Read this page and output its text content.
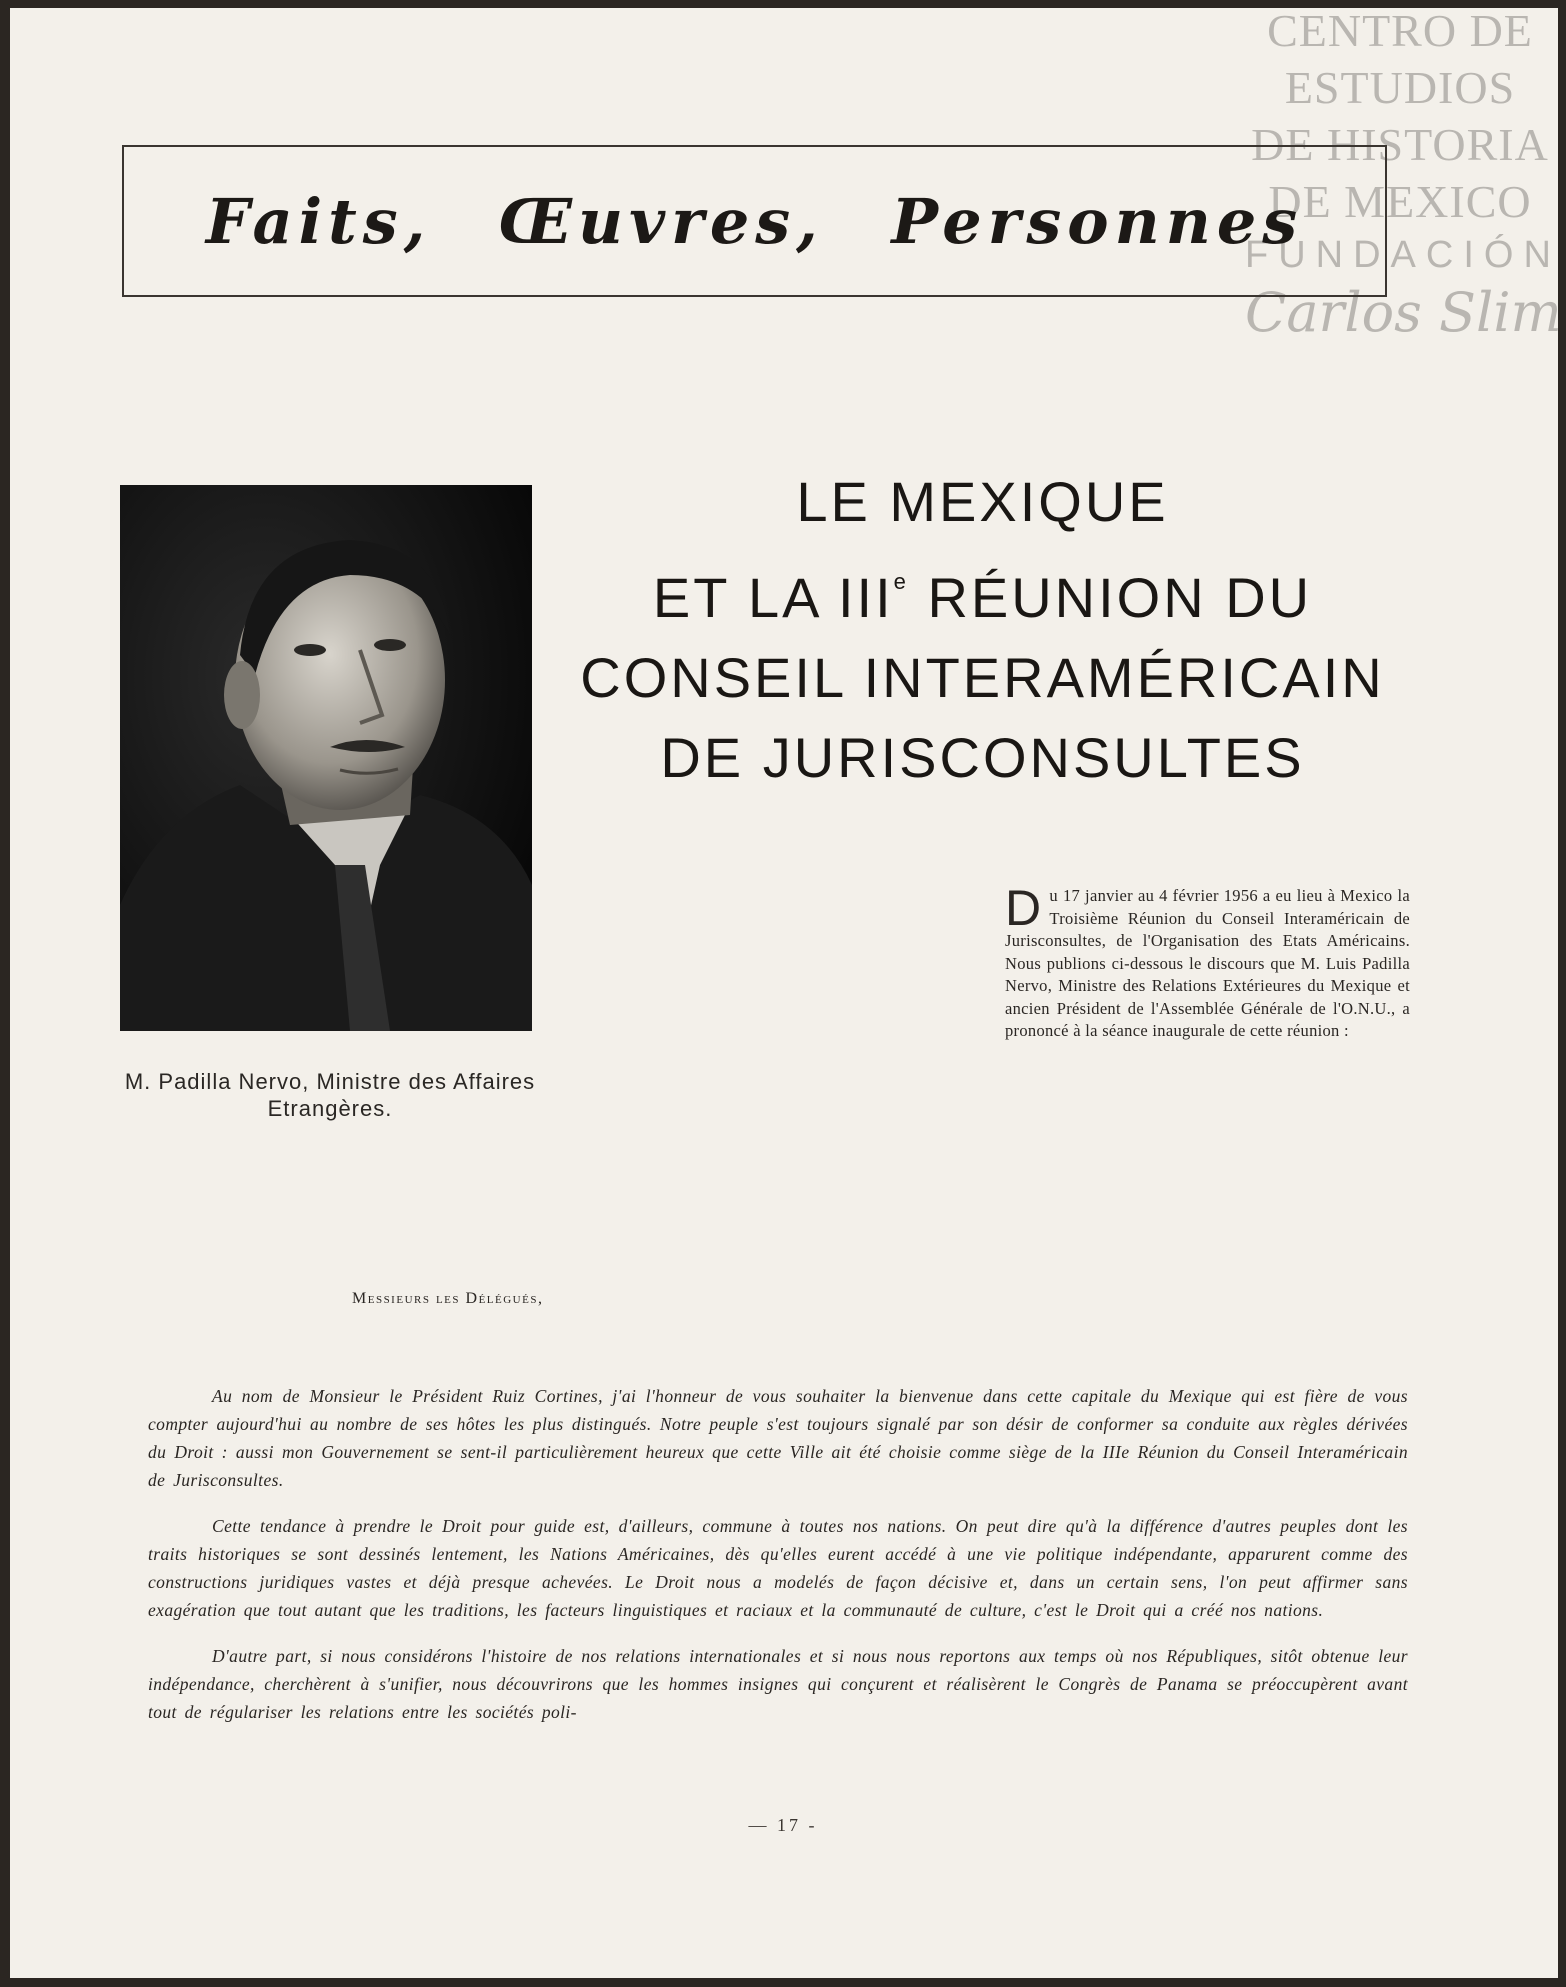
CENTRO DE
ESTUDIOS
DE HISTORIA
DE MEXICO
FUNDACIÓN
Carlos Slim
Faits, Œuvres, Personnes
M. Padilla Nervo, Ministre des Affaires Etrangères.
LE MEXIQUE
ET LA IIIe RÉUNION DU
CONSEIL INTERAMÉRICAIN
DE JURISCONSULTES
Du 17 janvier au 4 février 1956 a eu lieu à Mexico la Troisième Réunion du Conseil Interaméricain de Jurisconsultes, de l'Organisation des Etats Américains. Nous publions ci-dessous le discours que M. Luis Padilla Nervo, Ministre des Relations Extérieures du Mexique et ancien Président de l'Assemblée Générale de l'O.N.U., a prononcé à la séance inaugurale de cette réunion :
Messieurs les Délégués,

Au nom de Monsieur le Président Ruiz Cortines, j'ai l'honneur de vous souhaiter la bienvenue dans cette capitale du Mexique qui est fière de vous compter aujourd'hui au nombre de ses hôtes les plus distingués. Notre peuple s'est toujours signalé par son désir de conformer sa conduite aux règles dérivées du Droit : aussi mon Gouvernement se sent-il particulièrement heureux que cette Ville ait été choisie comme siège de la IIIe Réunion du Conseil Interaméricain de Jurisconsultes.

Cette tendance à prendre le Droit pour guide est, d'ailleurs, commune à toutes nos nations. On peut dire qu'à la différence d'autres peuples dont les traits historiques se sont dessinés lentement, les Nations Américaines, dès qu'elles eurent accédé à une vie politique indépendante, apparurent comme des constructions juridiques vastes et déjà presque achevées. Le Droit nous a modelés de façon décisive et, dans un certain sens, l'on peut affirmer sans exagération que tout autant que les traditions, les facteurs linguistiques et raciaux et la communauté de culture, c'est le Droit qui a créé nos nations.

D'autre part, si nous considérons l'histoire de nos relations internationales et si nous nous reportons aux temps où nos Républiques, sitôt obtenue leur indépendance, cherchèrent à s'unifier, nous découvrirons que les hommes insignes qui conçurent et réalisèrent le Congrès de Panama se préoccupèrent avant tout de régulariser les relations entre les sociétés poli-

— 17 -
